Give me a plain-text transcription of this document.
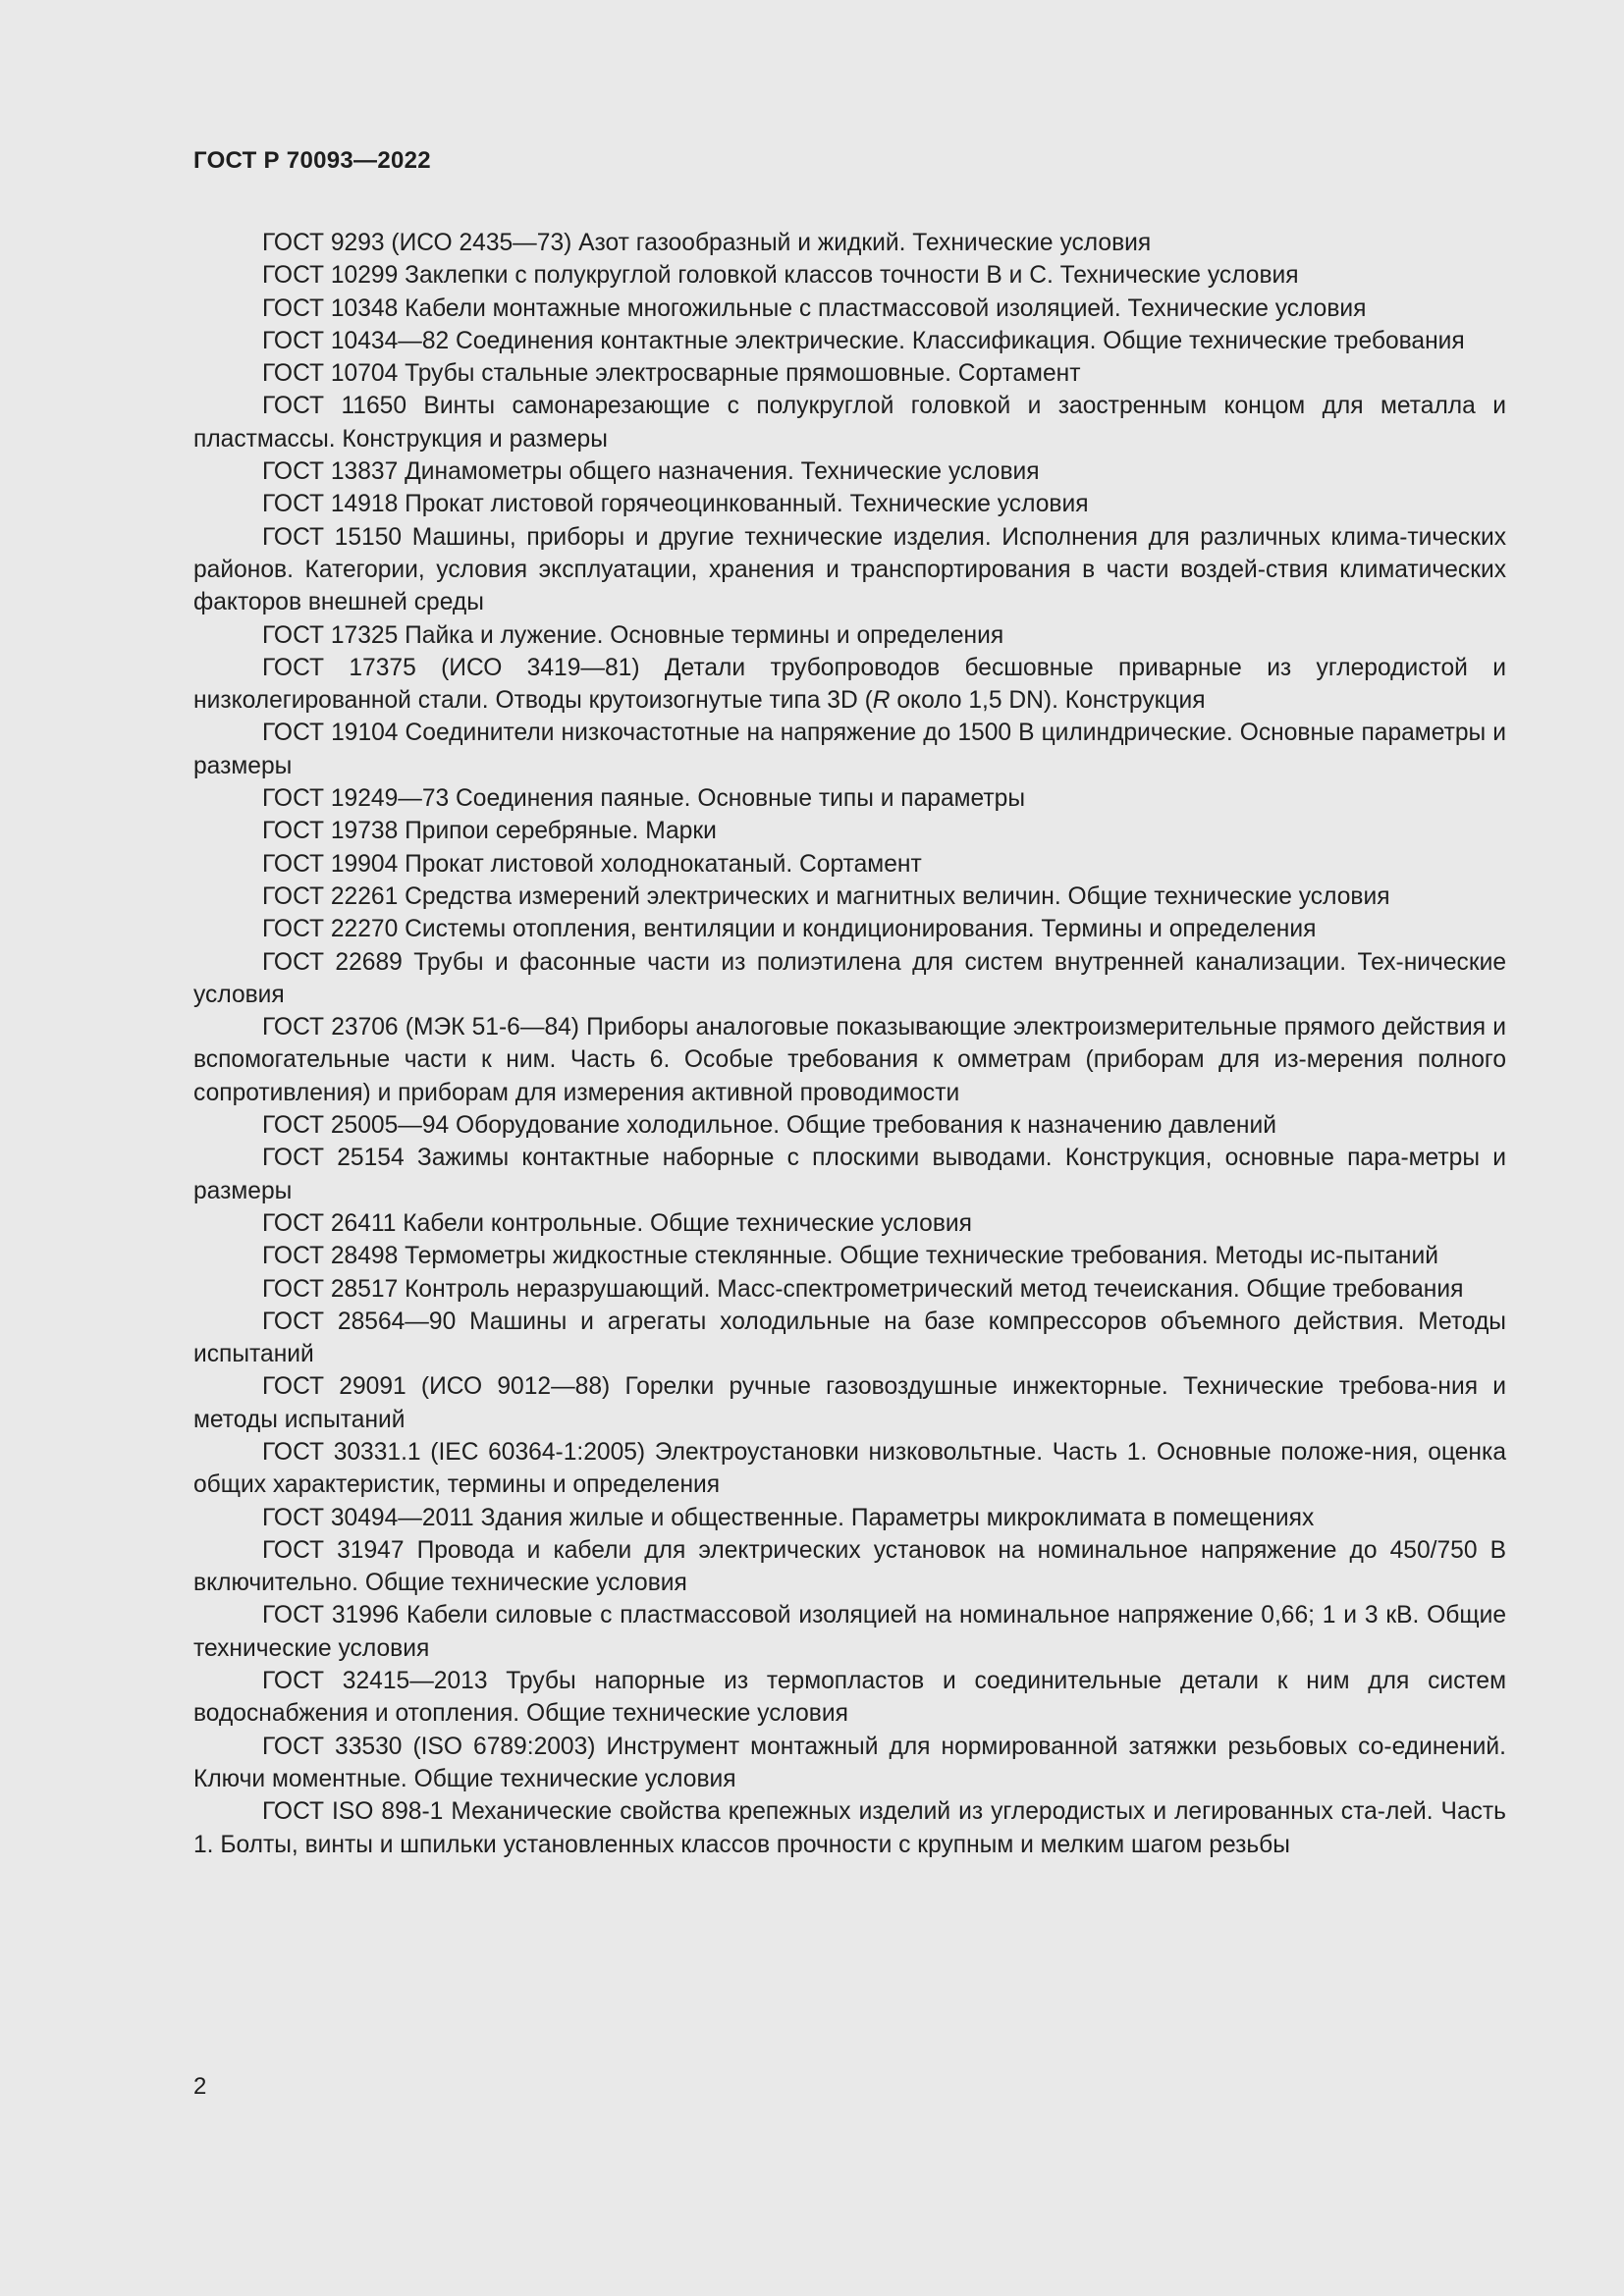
ГОСТ Р 70093—2022

ГОСТ 9293 (ИСО 2435—73) Азот газообразный и жидкий. Технические условия

ГОСТ 10299 Заклепки с полукруглой головкой классов точности В и С. Технические условия

ГОСТ 10348 Кабели монтажные многожильные с пластмассовой изоляцией. Технические условия

ГОСТ 10434—82 Соединения контактные электрические. Классификация. Общие технические требования

ГОСТ 10704 Трубы стальные электросварные прямошовные. Сортамент

ГОСТ 11650 Винты самонарезающие с полукруглой головкой и заостренным концом для металла и пластмассы. Конструкция и размеры

ГОСТ 13837 Динамометры общего назначения. Технические условия

ГОСТ 14918 Прокат листовой горячеоцинкованный. Технические условия

ГОСТ 15150 Машины, приборы и другие технические изделия. Исполнения для различных клима-тических районов. Категории, условия эксплуатации, хранения и транспортирования в части воздей-ствия климатических факторов внешней среды

ГОСТ 17325 Пайка и лужение. Основные термины и определения

ГОСТ 17375 (ИСО 3419—81) Детали трубопроводов бесшовные приварные из углеродистой и низколегированной стали. Отводы крутоизогнутые типа 3D (R около 1,5 DN). Конструкция

ГОСТ 19104 Соединители низкочастотные на напряжение до 1500 В цилиндрические. Основные параметры и размеры

ГОСТ 19249—73 Соединения паяные. Основные типы и параметры

ГОСТ 19738 Припои серебряные. Марки

ГОСТ 19904 Прокат листовой холоднокатаный. Сортамент

ГОСТ 22261 Средства измерений электрических и магнитных величин. Общие технические условия

ГОСТ 22270 Системы отопления, вентиляции и кондиционирования. Термины и определения

ГОСТ 22689 Трубы и фасонные части из полиэтилена для систем внутренней канализации. Тех-нические условия

ГОСТ 23706 (МЭК 51-6—84) Приборы аналоговые показывающие электроизмерительные прямого действия и вспомогательные части к ним. Часть 6. Особые требования к омметрам (приборам для из-мерения полного сопротивления) и приборам для измерения активной проводимости

ГОСТ 25005—94 Оборудование холодильное. Общие требования к назначению давлений

ГОСТ 25154 Зажимы контактные наборные с плоскими выводами. Конструкция, основные пара-метры и размеры

ГОСТ 26411 Кабели контрольные. Общие технические условия

ГОСТ 28498 Термометры жидкостные стеклянные. Общие технические требования. Методы ис-пытаний

ГОСТ 28517 Контроль неразрушающий. Масс-спектрометрический метод течеискания. Общие требования

ГОСТ 28564—90 Машины и агрегаты холодильные на базе компрессоров объемного действия. Методы испытаний

ГОСТ 29091 (ИСО 9012—88) Горелки ручные газовоздушные инжекторные. Технические требова-ния и методы испытаний

ГОСТ 30331.1 (IEC 60364-1:2005) Электроустановки низковольтные. Часть 1. Основные положе-ния, оценка общих характеристик, термины и определения

ГОСТ 30494—2011 Здания жилые и общественные. Параметры микроклимата в помещениях

ГОСТ 31947 Провода и кабели для электрических установок на номинальное напряжение до 450/750 В включительно. Общие технические условия

ГОСТ 31996 Кабели силовые с пластмассовой изоляцией на номинальное напряжение 0,66; 1 и 3 кВ. Общие технические условия

ГОСТ 32415—2013 Трубы напорные из термопластов и соединительные детали к ним для систем водоснабжения и отопления. Общие технические условия

ГОСТ 33530 (ISO 6789:2003) Инструмент монтажный для нормированной затяжки резьбовых со-единений. Ключи моментные. Общие технические условия

ГОСТ ISO 898-1 Механические свойства крепежных изделий из углеродистых и легированных ста-лей. Часть 1. Болты, винты и шпильки установленных классов прочности с крупным и мелким шагом резьбы

2
